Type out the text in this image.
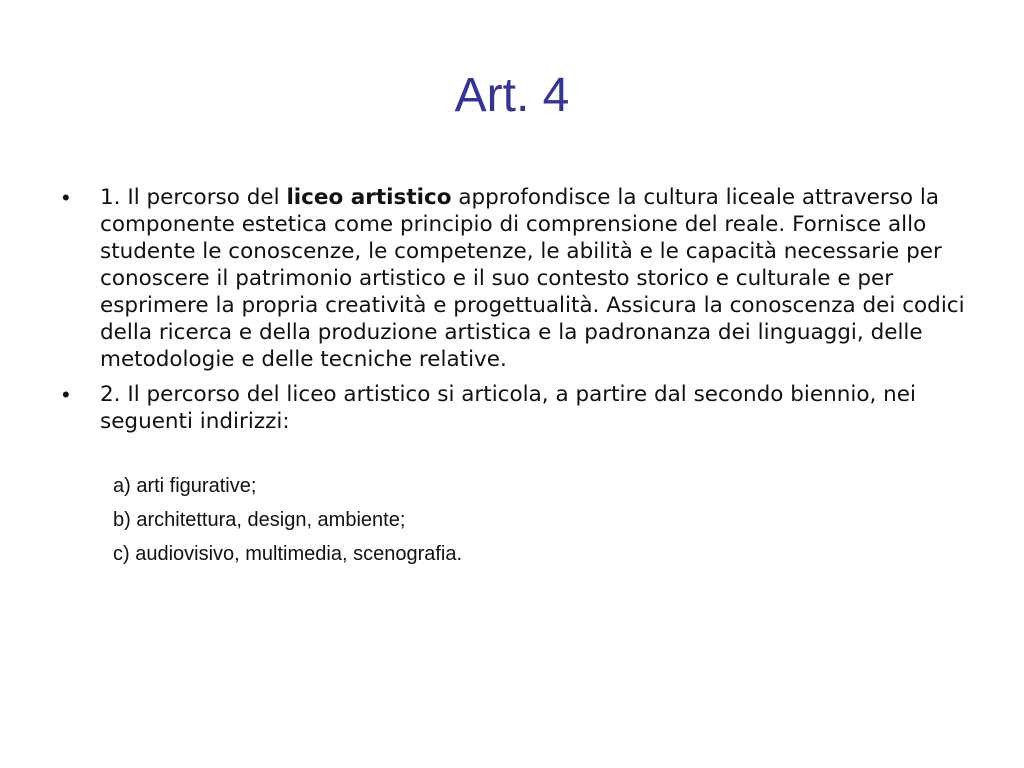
Art. 4
• 1. Il percorso del liceo artistico approfondisce la cultura liceale attraverso la componente estetica come principio di comprensione del reale. Fornisce allo studente le conoscenze, le competenze, le abilità e le capacità necessarie per conoscere il patrimonio artistico e il suo contesto storico e culturale e per esprimere la propria creatività e progettualità. Assicura la conoscenza dei codici della ricerca e della produzione artistica e la padronanza dei linguaggi, delle metodologie e delle tecniche relative.
• 2. Il percorso del liceo artistico si articola, a partire dal secondo biennio, nei seguenti indirizzi:
a) arti figurative;
b) architettura, design, ambiente;
c) audiovisivo, multimedia, scenografia.
